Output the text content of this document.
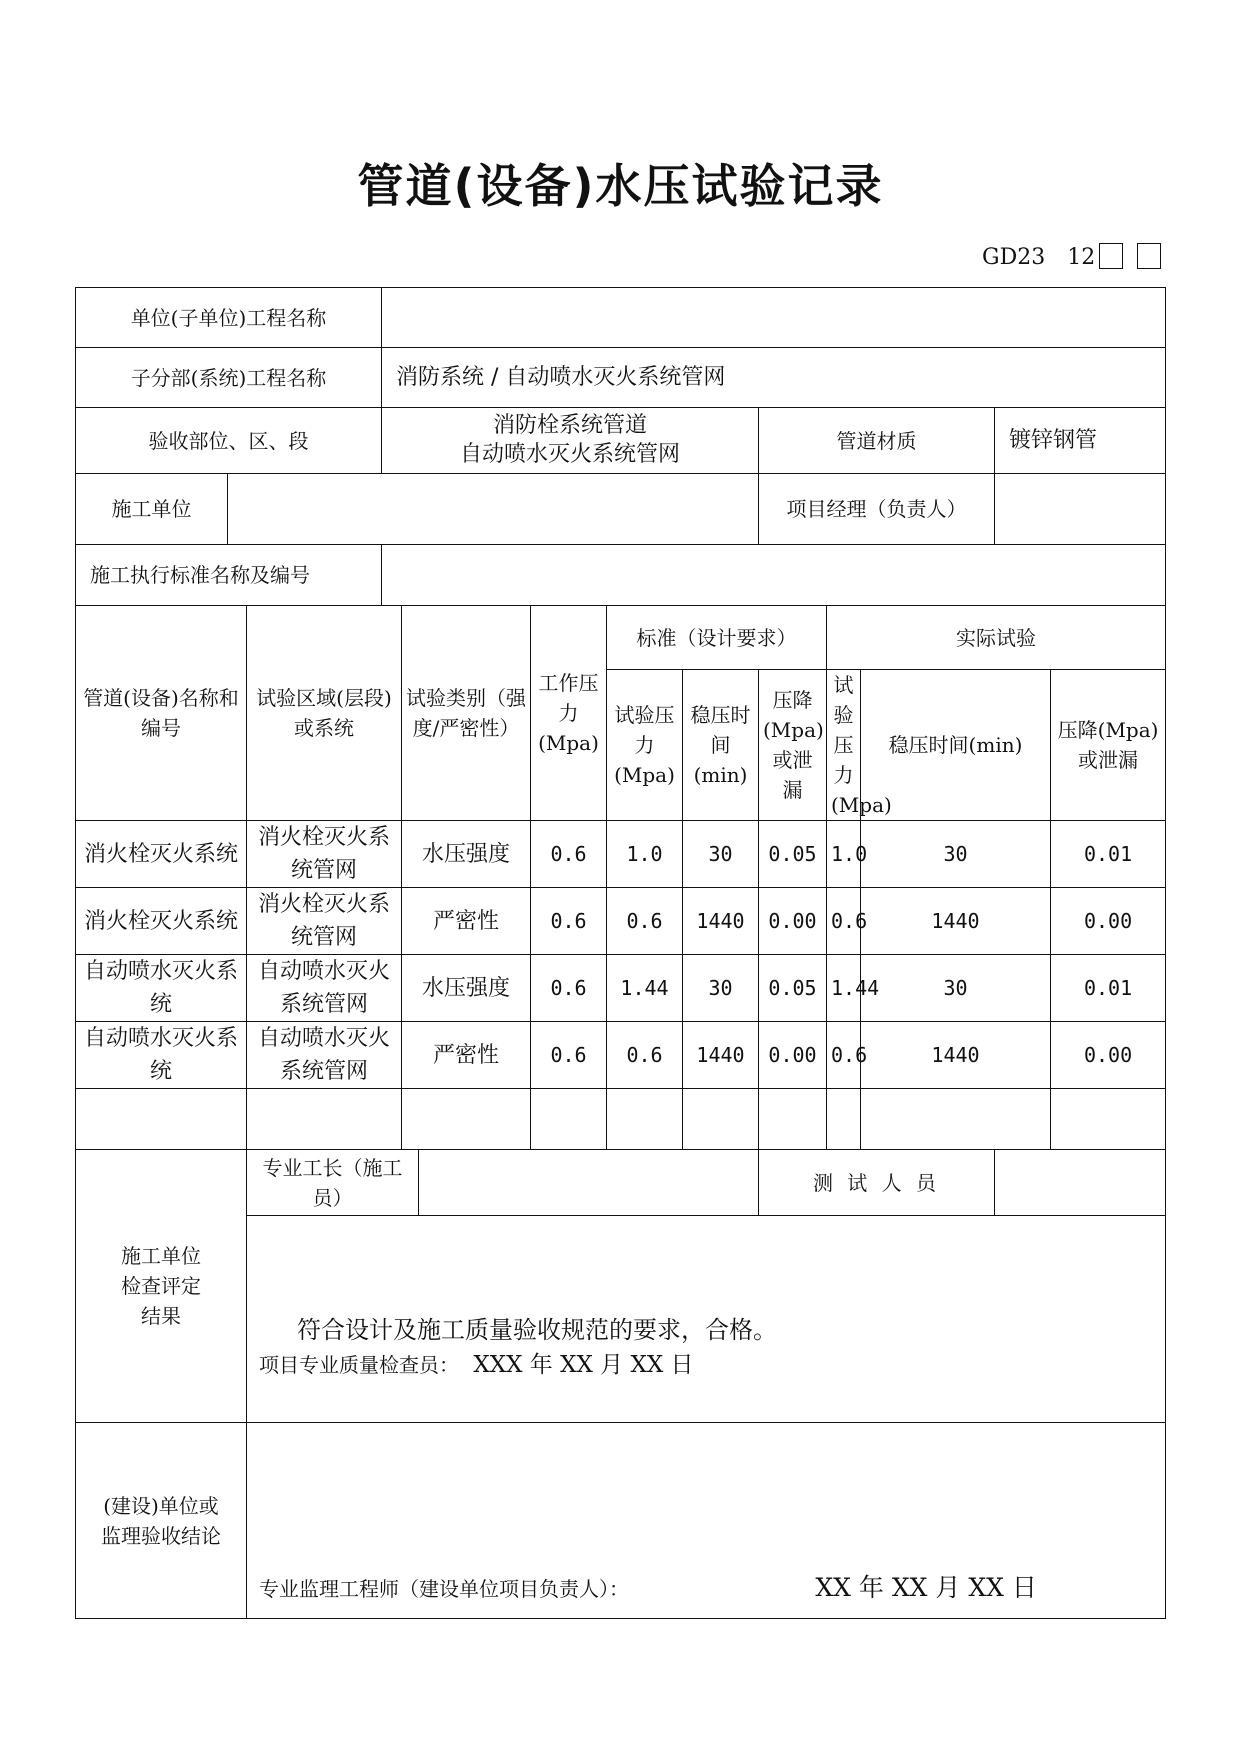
管道(设备)水压试验记录
GD23　12
单位(子单位)工程名称													
子分部(系统)工程名称			消防系统 / 自动喷水灭火系统管网										
验收部位、区、段			消防栓系统管道
自动喷水灭火系统管网						管道材质			镀锌钢管	
施工单位									项目经理（负责人）				
施工执行标准名称及编号													
管道(设备)名称和编号		试验区域(层段)或系统		试验类别（强度/严密性）		工作压力(Mpa)	标准（设计要求）			实际试验			
							试验压力(Mpa)	稳压时间(min)	压降(Mpa)或泄漏	试验压力(Mpa)	稳压时间(min)		压降(Mpa)或泄漏
消火栓灭火系统		消火栓灭火系统管网		水压强度		0.6	1.0	30	0.05	1.0	30		0.01
消火栓灭火系统		消火栓灭火系统管网		严密性		0.6	0.6	1440	0.00	0.6	1440		0.00
自动喷水灭火系统		自动喷水灭火系统管网		水压强度		0.6	1.44	30	0.05	1.44	30		0.01
自动喷水灭火系统		自动喷水灭火系统管网		严密性		0.6	0.6	1440	0.00	0.6	1440		0.00

施工单位检查评定结果		专业工长（施工员）							测 试 人 员				

		符合设计及施工质量验收规范的要求，合格。
项目专业质量检查员： XXX 年 XX 月 XX 日											

(建设)单位或监理验收结论		专业监理工程师（建设单位项目负责人）： XX 年 XX 月 XX 日											
